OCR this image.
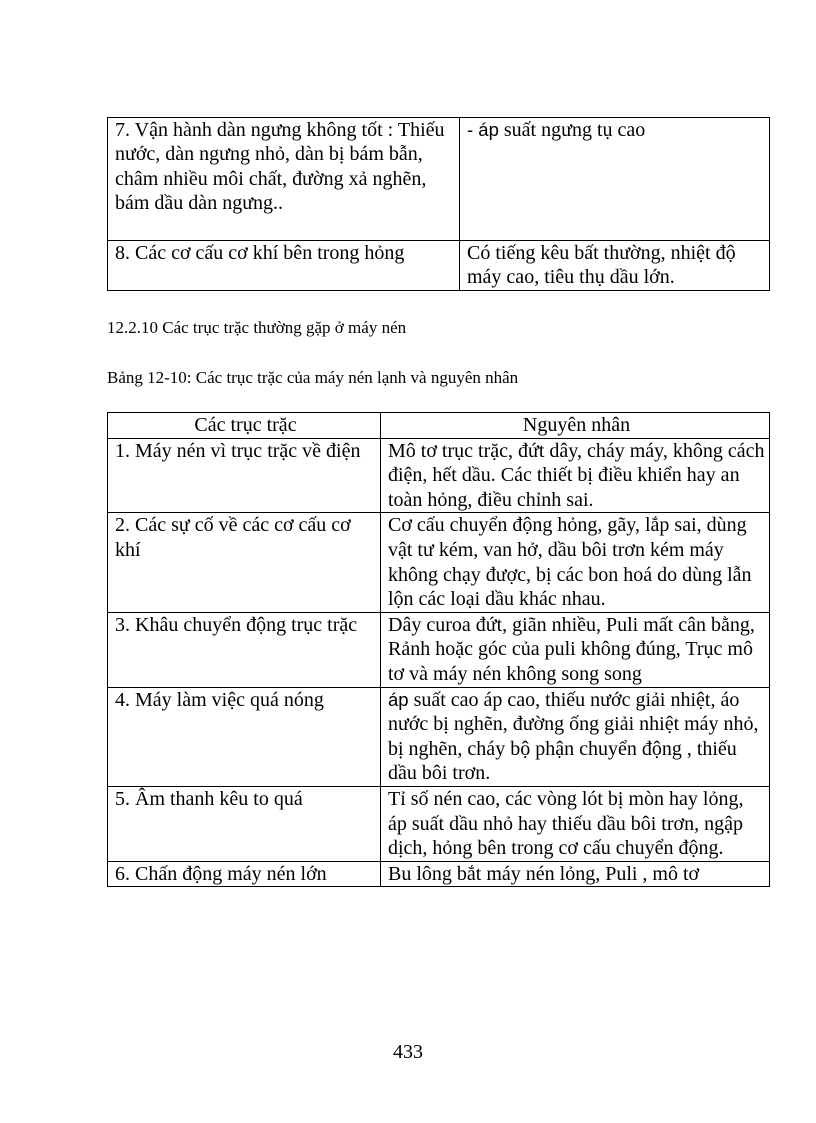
7. Vận hành dàn ngưng không tốt : Thiếu nước, dàn ngưng nhỏ, dàn bị bám bẫn, châm nhiều môi chất, đường xả nghẽn, bám dầu dàn ngưng..	- áp suất ngưng tụ cao
8. Các cơ cấu cơ khí bên trong hỏng	Có tiếng kêu bất thường, nhiệt độ máy cao, tiêu thụ dầu lớn.
12.2.10 Các trục trặc thường gặp ở máy nén
Bảng 12-10: Các trục trặc của máy nén lạnh và nguyên nhân
Các trục trặc	Nguyên nhân
1. Máy nén vì trục trặc về điện	Mô tơ trục trặc, đứt dây, cháy máy, không cách điện, hết dầu. Các thiết bị điều khiển hay an toàn hỏng, điều chỉnh sai.
2. Các sự cố về các cơ cấu cơ khí	Cơ cấu chuyển động hỏng, gãy, lắp sai, dùng vật tư kém, van hở, dầu bôi trơn kém máy không chạy được, bị các bon hoá do dùng lẫn lộn các loại dầu khác nhau.
3. Khâu chuyển động trục trặc	Dây curoa đứt, giãn nhiều, Puli mất cân bằng, Rảnh hoặc góc của puli không đúng, Trục mô tơ và máy nén không song song
4. Máy làm việc quá nóng	áp suất cao áp cao, thiếu nước giải nhiệt, áo nước bị nghẽn, đường ống giải nhiệt máy nhỏ, bị nghẽn, cháy bộ phận chuyển động , thiếu dầu bôi trơn.
5. Âm thanh kêu to quá	Tỉ số nén cao, các vòng lót bị mòn hay lỏng, áp suất dầu nhỏ hay thiếu dầu bôi trơn, ngập dịch, hỏng bên trong cơ cấu chuyển động.
6. Chấn động máy nén lớn	Bu lông bắt máy nén lỏng, Puli , mô tơ
433
